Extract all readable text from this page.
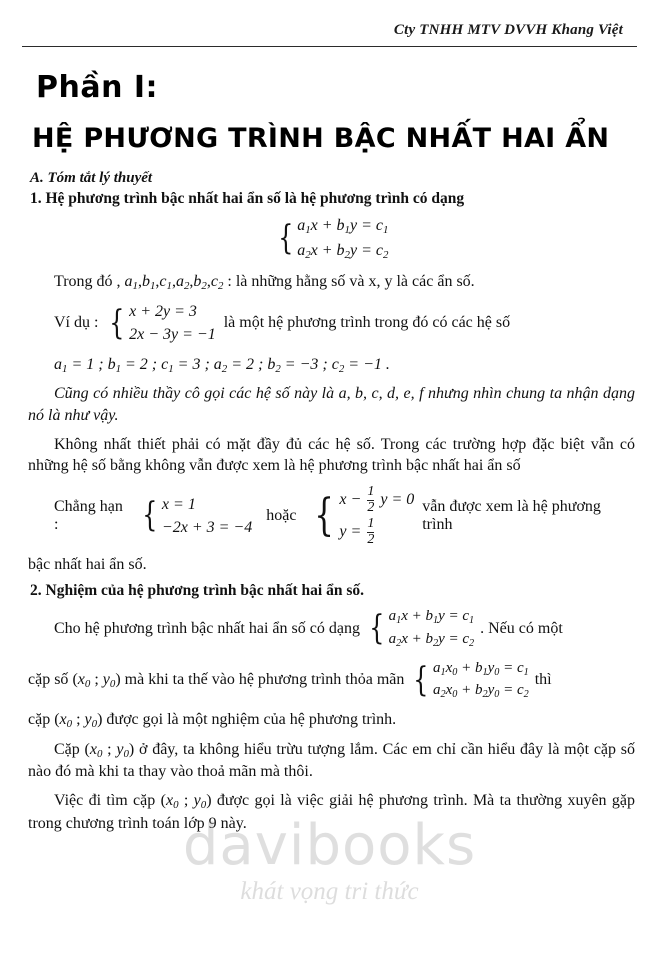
Cty TNHH MTV DVVH Khang Việt
Phần I:
HỆ PHƯƠNG TRÌNH BẬC NHẤT HAI ẨN
A. Tóm tắt lý thuyết
1. Hệ phương trình bậc nhất hai ẩn số là hệ phương trình có dạng
{ $a_1x + b_1y = c_1$
$a_2x + b_2y = c_2$

Trong đó , $a_1,b_1,c_1,a_2,b_2,c_2$ : là những hằng số và x, y là các ẩn số.

Ví dụ : { x + 2y = 3
2x − 3y = −1
là một hệ phương trình trong đó có các hệ số

$a_1 = 1$ ; $b_1 = 2$ ; $c_1 = 3$ ; $a_2 = 2$ ; $b_2 = -3$ ; $c_2 = -1$ .

Cũng có nhiều thầy cô gọi các hệ số này là a, b, c, d, e, f nhưng nhìn chung ta nhận dạng nó là như vậy.

Không nhất thiết phải có mặt đầy đủ các hệ số. Trong các trường hợp đặc biệt vẫn có những hệ số bằng không vẫn được xem là hệ phương trình bậc nhất hai ẩn số

Chẳng hạn :	{ x = 1
−2x + 3 = −4
hoặc { $x - \frac{1}{2}$ y = 0
$y = \frac{1}{2}$
vẫn được xem là hệ phương trình

bậc nhất hai ẩn số.

2. Nghiệm của hệ phương trình bậc nhất hai ẩn số.
Cho hệ phương trình bậc nhất hai ẩn số có dạng { $a_1x + b_1y = c_1$
$a_2x + b_2y = c_2$
. Nếu có một
cặp số ($x_0$ ; $y_0$) mà khi ta thế vào hệ phương trình thỏa mãn { $a_1x_0 + b_1y_0 = c_1$
$a_2x_0 + b_2y_0 = c_2$
thì

cặp ($x_0$ ; $y_0$) được gọi là một nghiệm của hệ phương trình.

Cặp ($x_0$ ; $y_0$) ở đây, ta không hiểu trừu tượng lắm. Các em chỉ cần hiểu đây là một cặp số nào đó mà khi ta thay vào thoả mãn mà thôi.

Việc đi tìm cặp ($x_0$ ; $y_0$) được gọi là việc giải hệ phương trình. Mà ta thường xuyên gặp trong chương trình toán lớp 9 này.

davibooks
khát vọng tri thức
